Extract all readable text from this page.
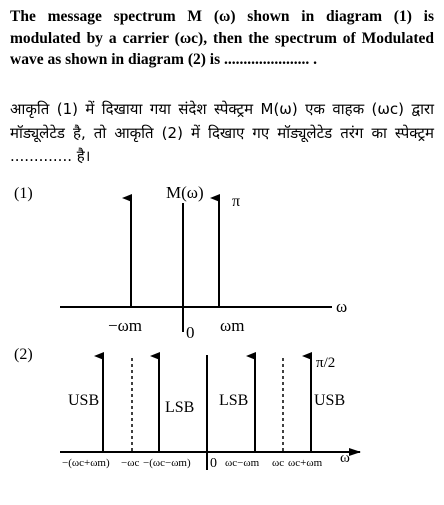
The message spectrum M (ω) shown in diagram (1) is modulated by a carrier (ωc), then the spectrum of Modulated wave as shown in diagram (2) is ...................... .
आकृति (1) में दिखाया गया संदेश स्पेक्ट्रम M(ω) एक वाहक (ωc) द्वारा मॉड्यूलेटेड है, तो आकृति (2) में दिखाए गए मॉड्यूलेटेड तरंग का स्पेक्ट्रम ............. है।
(1)
ω
M(ω) π
−ωm	ωm
0
(2)
ω
π/2
USB	LSB LSB	USB
−(ωc+ωm) −ωc −(ωc−ωm) 0 ωc−ωm ωc ωc+ωm
